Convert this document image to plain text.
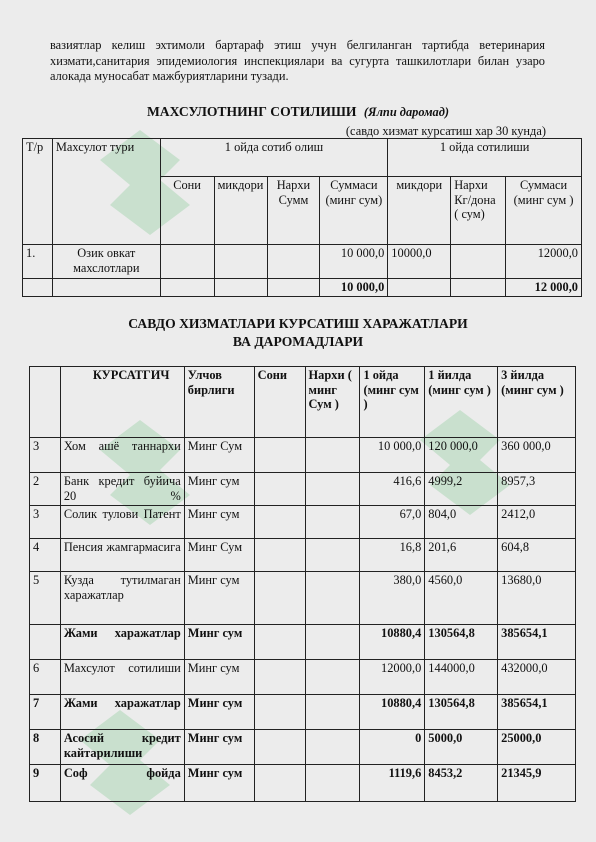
вазиятлар келиш эхтимоли бартараф этиш учун белгиланган тартибда ветеринария хизмати,санитария эпидемиология инспекциялари ва сугурта ташкилотлари билан узаро алокада муносабат мажбуриятларини тузади.
МАХСУЛОТНИНГ СОТИЛИШИ (Ялпи даромад)
(савдо хизмат курсатиш хар 30 кунда)
Т/р	Махсулот тури	1 ойда сотиб олиш				1 ойда сотилиши		
		Сони	микдори	Нархи Сумм	Суммаси (минг сум)	микдори	Нархи Кг/дона ( сум)	Суммаси (минг сум )
1.	Озик овкат махслотлари				10 000,0	10000,0		12000,0
					10 000,0			12 000,0
САВДО ХИЗМАТЛАРИ КУРСАТИШ ХАРАЖАТЛАРИ
ВА ДАРОМАДЛАРИ
	КУРСАТГИЧ	Улчов бирлиги	Сони	Нархи ( минг Сум )	1 ойда (минг сум )	1 йилда (минг сум )	3 йилда (минг сум )
3	Хом ашё таннархи	Минг Сум			10 000,0	120 000,0	360 000,0
2	Банк кредит буйича 20 %	Минг сум			416,6	4999,2	8957,3
3	Солик тулови Патент	Минг сум			67,0	804,0	2412,0
4	Пенсия жамгармасига	Минг Сум			16,8	201,6	604,8
5	Кузда тутилмаган харажатлар	Минг сум			380,0	4560,0	13680,0
	Жами харажатлар	Минг сум			10880,4	130564,8	385654,1
6	Махсулот сотилиши	Минг сум			12000,0	144000,0	432000,0
7	Жами харажатлар	Минг сум			10880,4	130564,8	385654,1
8	Асосий кредит кайтарилиши	Минг сум			0	5000,0	25000,0
9	Соф фойда	Минг сум			1119,6	8453,2	21345,9
